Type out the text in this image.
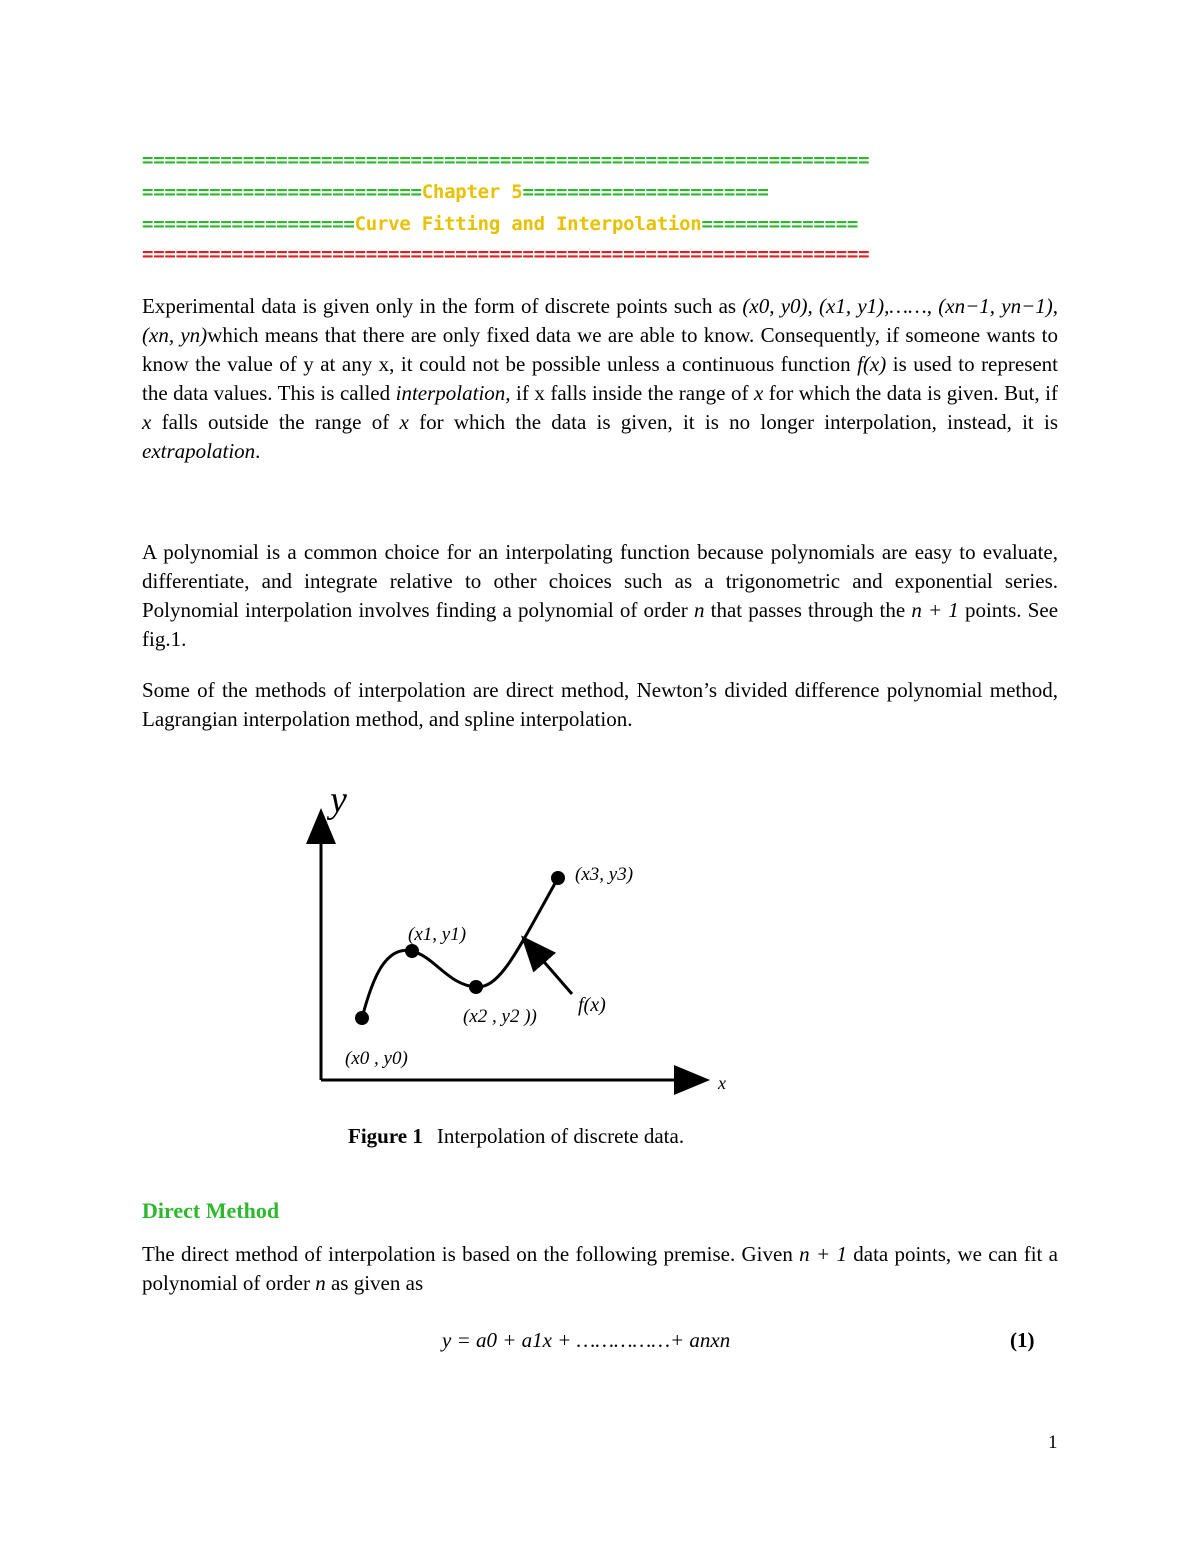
=================================================================
=========================Chapter 5======================
===================Curve Fitting and Interpolation==============
=================================================================

Experimental data is given only in the form of discrete points such as (x0, y0), (x1, y1),……, (xn−1, yn−1),(xn, yn)which means that there are only fixed data we are able to know. Consequently, if someone wants to know the value of y at any x, it could not be possible unless a continuous function f(x) is used to represent the data values. This is called interpolation, if x falls inside the range of x for which the data is given. But, if x falls outside the range of x for which the data is given, it is no longer interpolation, instead, it is extrapolation.

A polynomial is a common choice for an interpolating function because polynomials are easy to evaluate, differentiate, and integrate relative to other choices such as a trigonometric and exponential series. Polynomial interpolation involves finding a polynomial of order n that passes through the n + 1 points. See fig.1.

Some of the methods of interpolation are direct method, Newton’s divided difference polynomial method, Lagrangian interpolation method, and spline interpolation.

y
x
(x0 , y0)
(x1, y1)
(x2 , y2 ))
(x3, y3)
f(x)
Figure 1 Interpolation of discrete data.
Direct Method

The direct method of interpolation is based on the following premise. Given n + 1 data points, we can fit a polynomial of order n as given as

y = a0 + a1x + ……………+ anxn	(1)
1
